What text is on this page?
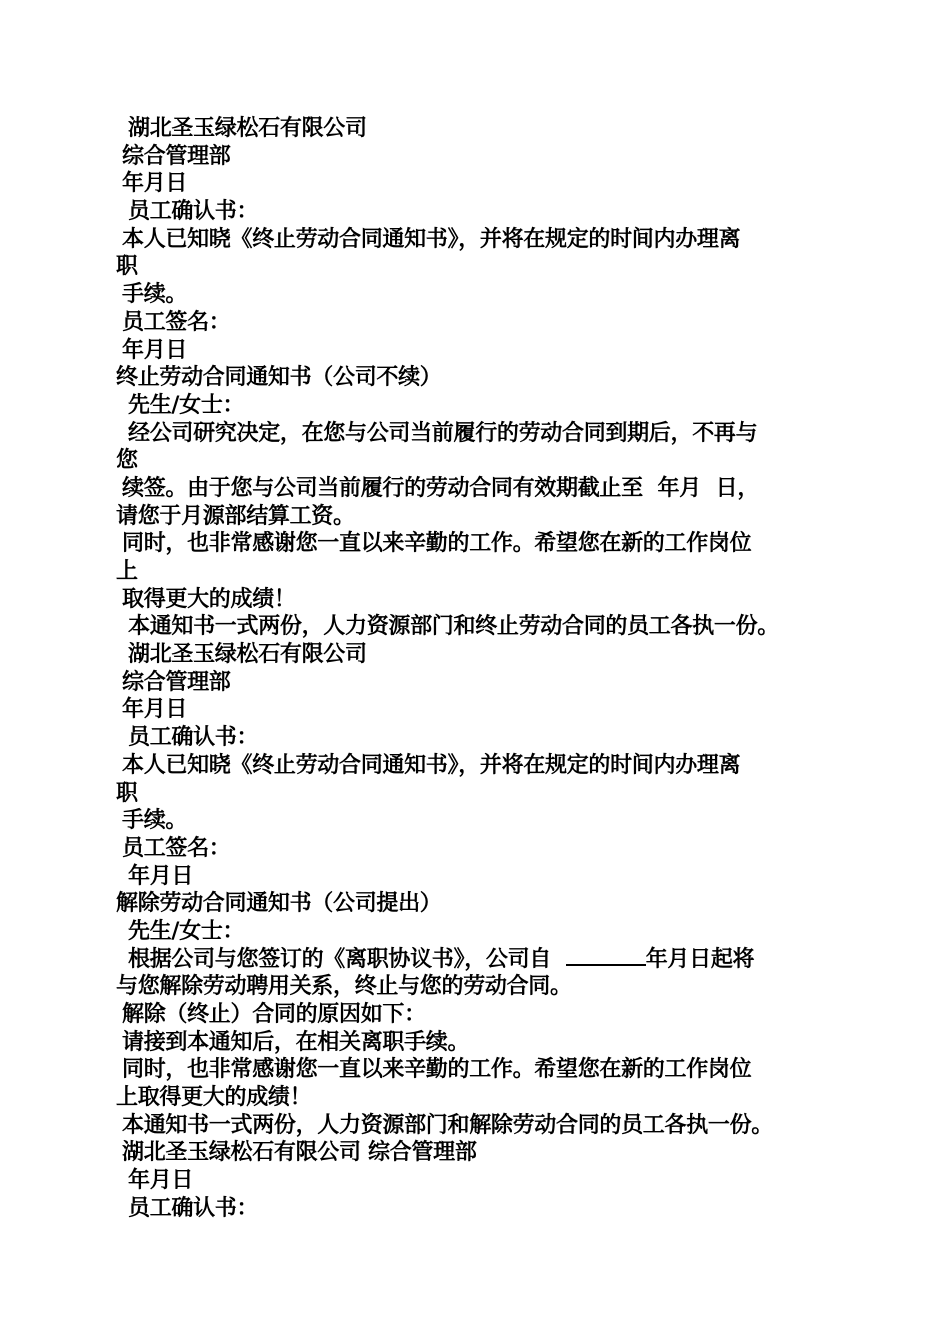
湖北圣玉绿松石有限公司
综合管理部
年月日
员工确认书：
本人已知晓《终止劳动合同通知书》，并将在规定的时间内办理离
职
手续。
员工签名：
年月日
终止劳动合同通知书（公司不续）
先生/女士：
经公司研究决定，在您与公司当前履行的劳动合同到期后，不再与
您
续签。由于您与公司当前履行的劳动合同有效期截止至  年月  日，
请您于月源部结算工资。
同时，也非常感谢您一直以来辛勤的工作。希望您在新的工作岗位
上
取得更大的成绩！
本通知书一式两份，人力资源部门和终止劳动合同的员工各执一份。
湖北圣玉绿松石有限公司
综合管理部
年月日
员工确认书：
本人已知晓《终止劳动合同通知书》，并将在规定的时间内办理离
职
手续。
员工签名：
年月日
解除劳动合同通知书（公司提出）
先生/女士：
根据公司与您签订的《离职协议书》，公司自	年月日起将
与您解除劳动聘用关系，终止与您的劳动合同。
解除（终止）合同的原因如下：
请接到本通知后，在相关离职手续。
同时，也非常感谢您一直以来辛勤的工作。希望您在新的工作岗位
上取得更大的成绩！
本通知书一式两份，人力资源部门和解除劳动合同的员工各执一份。
湖北圣玉绿松石有限公司 综合管理部
年月日
员工确认书：
